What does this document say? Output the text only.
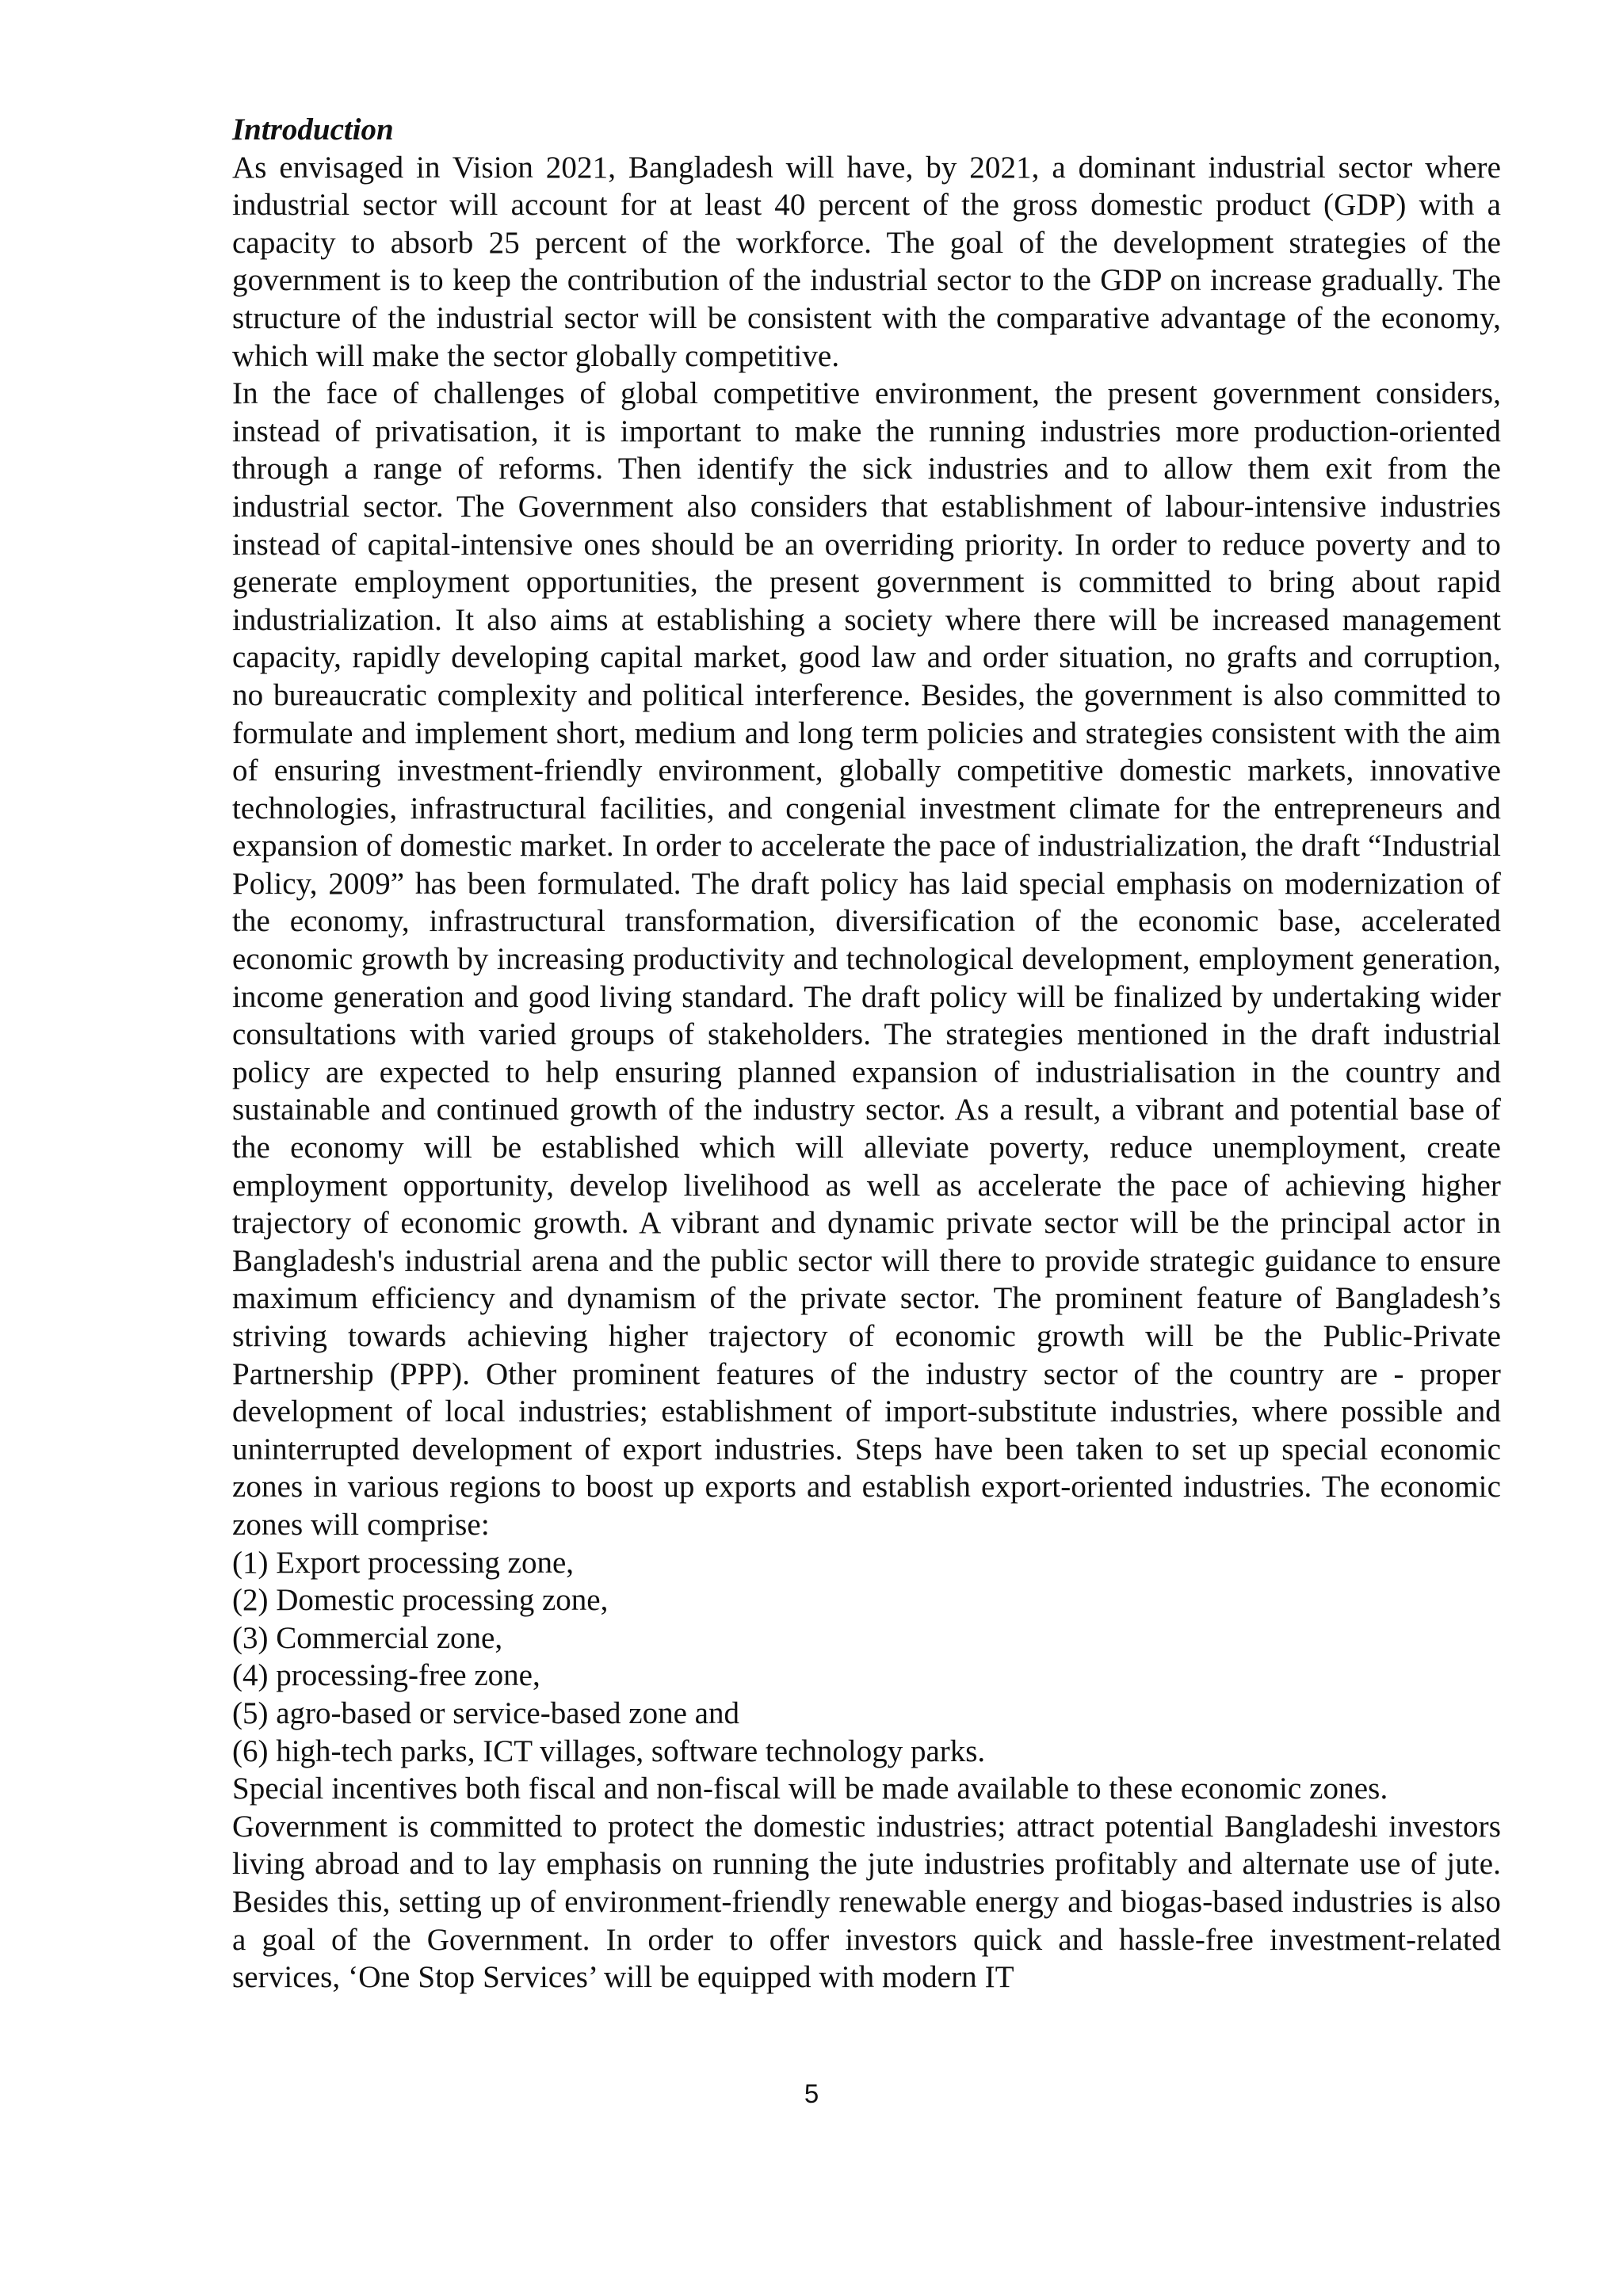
Introduction

As envisaged in Vision 2021, Bangladesh will have, by 2021, a dominant industrial sector where industrial sector will account for at least 40 percent of the gross domestic product (GDP) with a capacity to absorb 25 percent of the workforce. The goal of the development strategies of the government is to keep the contribution of the industrial sector to the GDP on increase gradually. The structure of the industrial sector will be consistent with the comparative advantage of the economy, which will make the sector globally competitive.

In the face of challenges of global competitive environment, the present government considers, instead of privatisation, it is important to make the running industries more production-oriented through a range of reforms. Then identify the sick industries and to allow them exit from the industrial sector. The Government also considers that establishment of labour-intensive industries instead of capital-intensive ones should be an overriding priority. In order to reduce poverty and to generate employment opportunities, the present government is committed to bring about rapid industrialization. It also aims at establishing a society where there will be increased management capacity, rapidly developing capital market, good law and order situation, no grafts and corruption, no bureaucratic complexity and political interference. Besides, the government is also committed to formulate and implement short, medium and long term policies and strategies consistent with the aim of ensuring investment-friendly environment, globally competitive domestic markets, innovative technologies, infrastructural facilities, and congenial investment climate for the entrepreneurs and expansion of domestic market. In order to accelerate the pace of industrialization, the draft “Industrial Policy, 2009” has been formulated. The draft policy has laid special emphasis on modernization of the economy, infrastructural transformation, diversification of the economic base, accelerated economic growth by increasing productivity and technological development, employment generation, income generation and good living standard. The draft policy will be finalized by undertaking wider consultations with varied groups of stakeholders. The strategies mentioned in the draft industrial policy are expected to help ensuring planned expansion of industrialisation in the country and sustainable and continued growth of the industry sector. As a result, a vibrant and potential base of the economy will be established which will alleviate poverty, reduce unemployment, create employment opportunity, develop livelihood as well as accelerate the pace of achieving higher trajectory of economic growth. A vibrant and dynamic private sector will be the principal actor in Bangladesh's industrial arena and the public sector will there to provide strategic guidance to ensure maximum efficiency and dynamism of the private sector. The prominent feature of Bangladesh’s striving towards achieving higher trajectory of economic growth will be the Public-Private Partnership (PPP). Other prominent features of the industry sector of the country are - proper development of local industries; establishment of import-substitute industries, where possible and uninterrupted development of export industries. Steps have been taken to set up special economic zones in various regions to boost up exports and establish export-oriented industries. The economic zones will comprise:

(1) Export processing zone,
(2) Domestic processing zone,
(3) Commercial zone,
(4) processing-free zone,
(5) agro-based or service-based zone and
(6) high-tech parks, ICT villages, software technology parks.

Special incentives both fiscal and non-fiscal will be made available to these economic zones.

Government is committed to protect the domestic industries; attract potential Bangladeshi investors living abroad and to lay emphasis on running the jute industries profitably and alternate use of jute. Besides this, setting up of environment-friendly renewable energy and biogas-based industries is also a goal of the Government. In order to offer investors quick and hassle-free investment-related services, ‘One Stop Services’ will be equipped with modern IT

5
